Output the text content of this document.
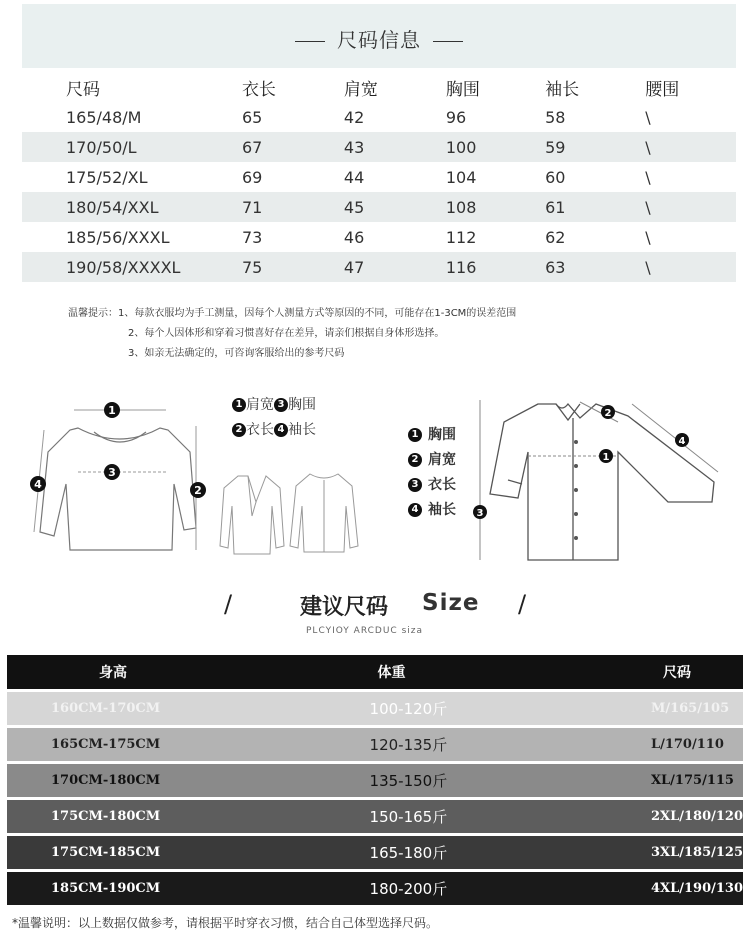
尺码信息
尺码	衣长	肩宽	胸围	袖长	腰围
165/48/M	65	42	96	58	\
170/50/L	67	43	100	59	\
175/52/XL	69	44	104	60	\
180/54/XXL	71	45	108	61	\
185/56/XXXL	73	46	112	62	\
190/58/XXXXL	75	47	116	63	\
温馨提示：1、每款衣服均为手工测量，因每个人测量方式等原因的不同，可能存在1-3CM的误差范围
2、每个人因体形和穿着习惯喜好存在差异，请亲们根据自身体形选择。
3、如亲无法确定的，可咨询客服给出的参考尺码
1
3
4	2
1 肩宽 3 胸围
2 衣长 4 袖长	1 胸围
2 肩宽
3 衣长
4 袖长
2
4
1
3
/	建议尺码 Size /
PLCYIOY ARCDUC siza
身高	体重	尺码
160CM-170CM	100-120斤	M/165/105
165CM-175CM	120-135斤	L/170/110
170CM-180CM	135-150斤	XL/175/115
175CM-180CM	150-165斤	2XL/180/120
175CM-185CM	165-180斤	3XL/185/125
185CM-190CM	180-200斤	4XL/190/130
*温馨说明：以上数据仅做参考，请根据平时穿衣习惯，结合自己体型选择尺码。
